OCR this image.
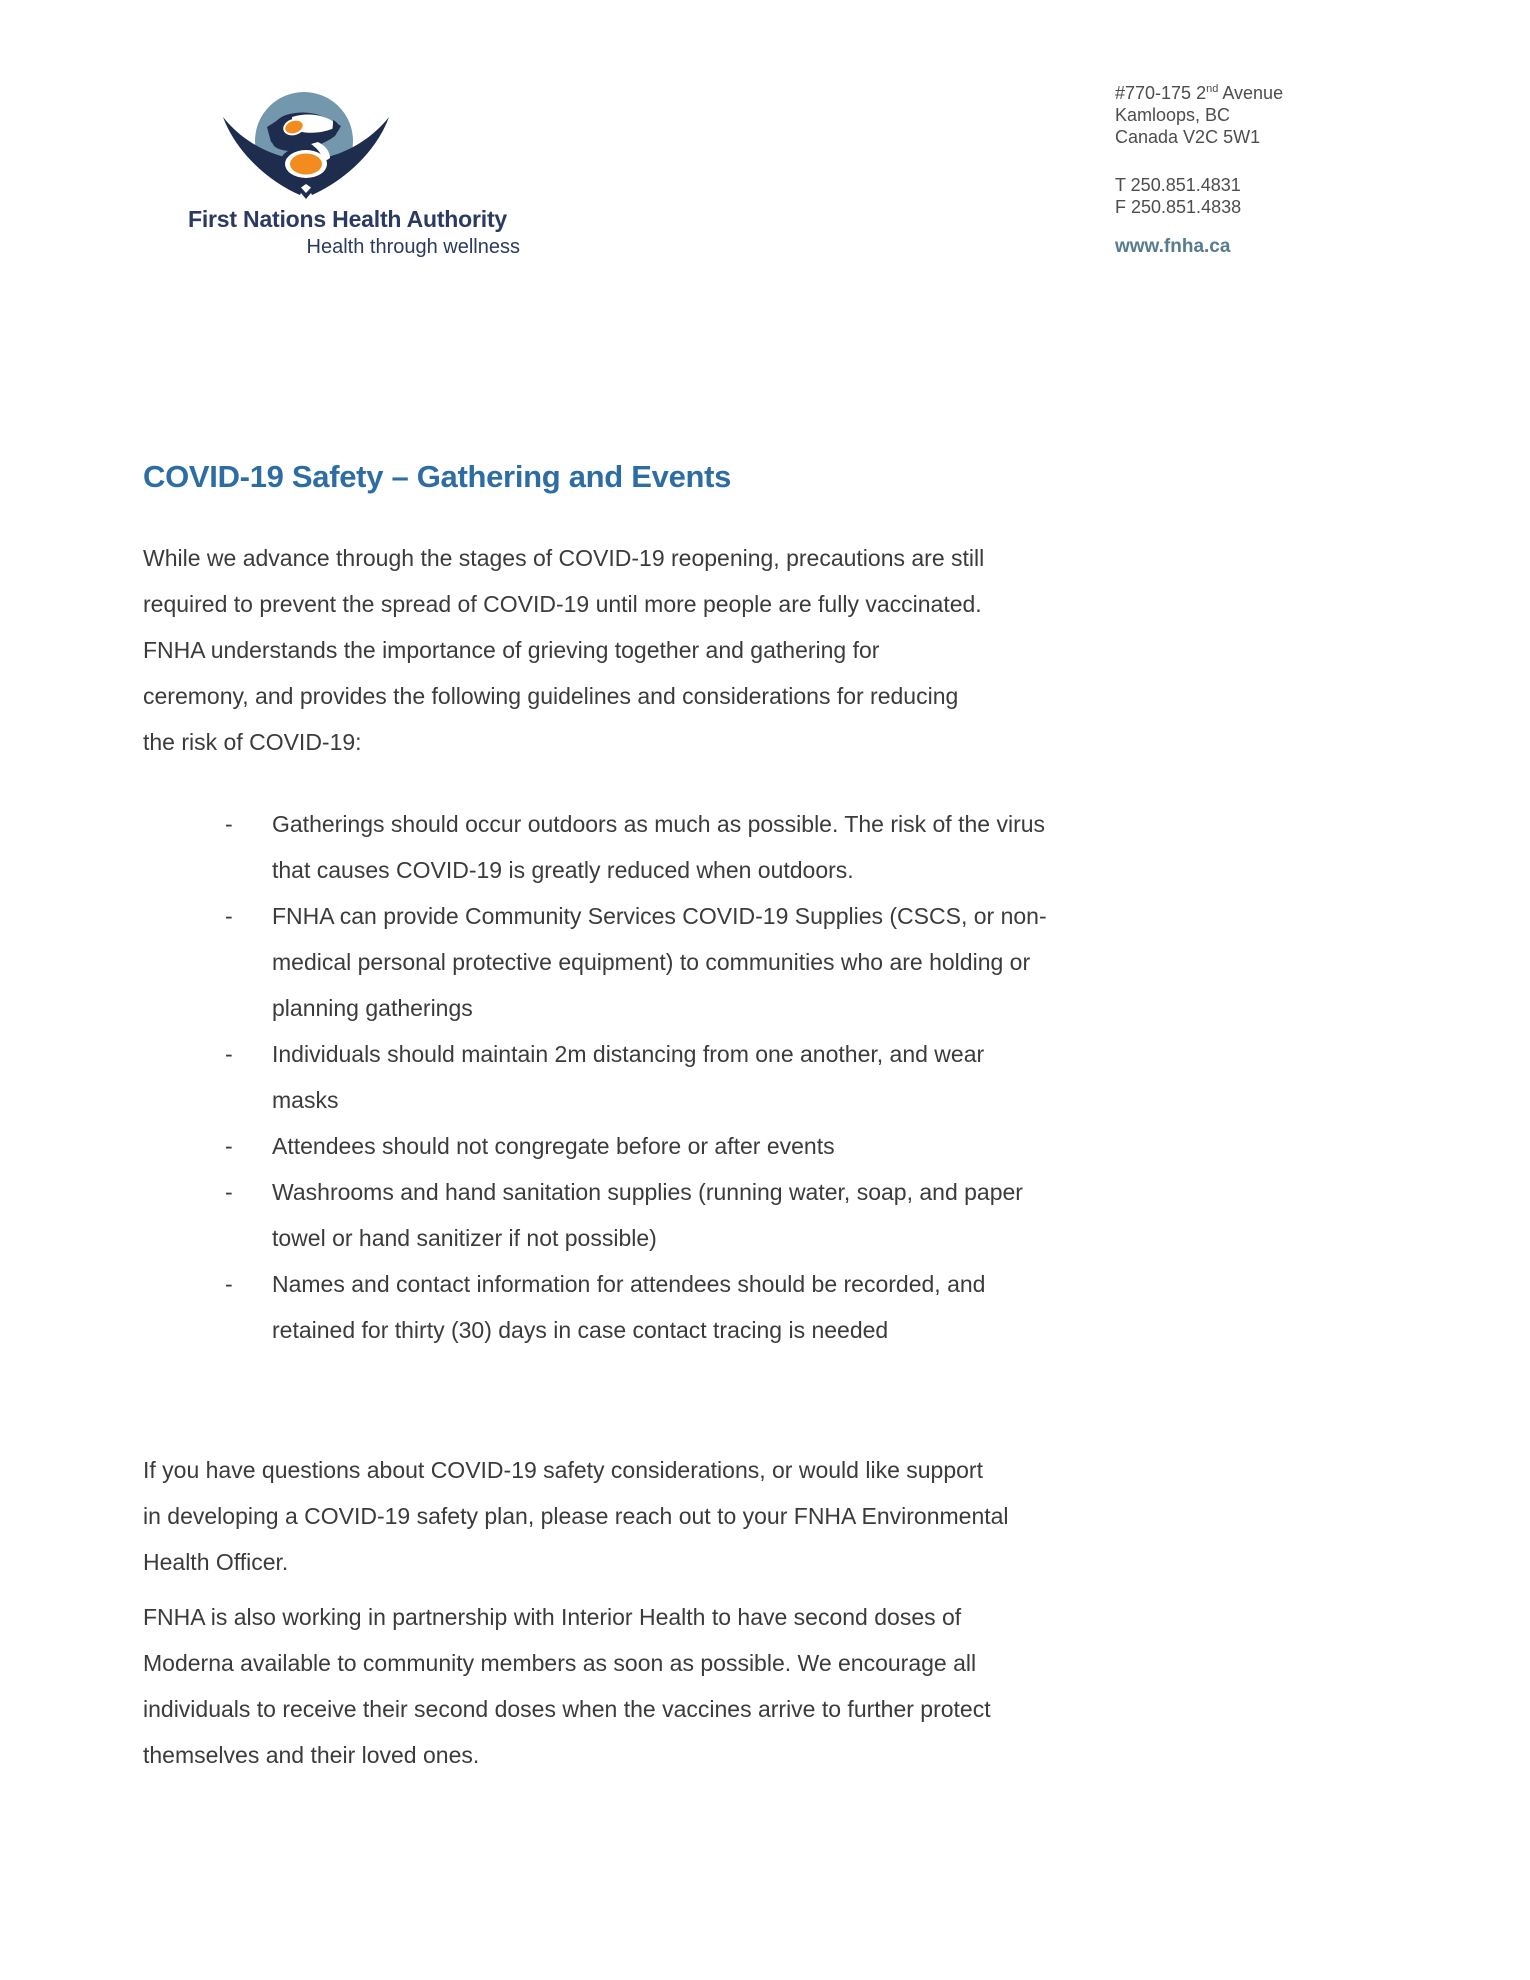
First Nations Health Authority
Health through wellness
#770-175 2nd Avenue
Kamloops, BC
Canada V2C 5W1
T 250.851.4831
F 250.851.4838
www.fnha.ca
COVID-19 Safety – Gathering and Events
While we advance through the stages of COVID-19 reopening, precautions are still
required to prevent the spread of COVID-19 until more people are fully vaccinated.
FNHA understands the importance of grieving together and gathering for
ceremony, and provides the following guidelines and considerations for reducing
the risk of COVID-19:
- Gatherings should occur outdoors as much as possible. The risk of the virus
that causes COVID-19 is greatly reduced when outdoors.
- FNHA can provide Community Services COVID-19 Supplies (CSCS, or non-
medical personal protective equipment) to communities who are holding or
planning gatherings
- Individuals should maintain 2m distancing from one another, and wear
masks
- Attendees should not congregate before or after events
- Washrooms and hand sanitation supplies (running water, soap, and paper
towel or hand sanitizer if not possible)
- Names and contact information for attendees should be recorded, and
retained for thirty (30) days in case contact tracing is needed
If you have questions about COVID-19 safety considerations, or would like support
in developing a COVID-19 safety plan, please reach out to your FNHA Environmental
Health Officer.
FNHA is also working in partnership with Interior Health to have second doses of
Moderna available to community members as soon as possible. We encourage all
individuals to receive their second doses when the vaccines arrive to further protect
themselves and their loved ones.
